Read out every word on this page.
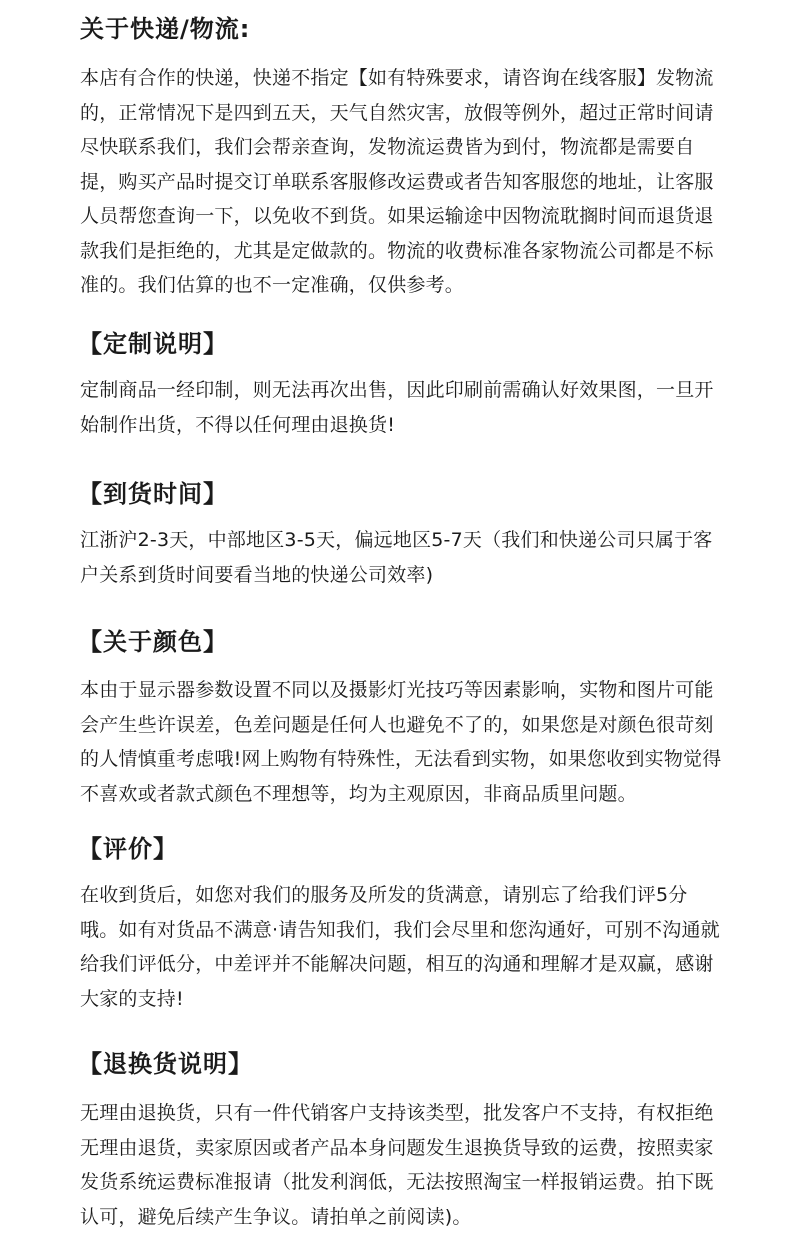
关于快递/物流:

本店有合作的快递，快递不指定【如有特殊要求，请咨询在线客服】发物流
的，正常情况下是四到五天，天气自然灾害，放假等例外，超过正常时间请
尽快联系我们，我们会帮亲查询，发物流运费皆为到付，物流都是需要自
提，购买产品时提交订单联系客服修改运费或者告知客服您的地址，让客服
人员帮您查询一下，以免收不到货。如果运输途中因物流耽搁时间而退货退
款我们是拒绝的，尤其是定做款的。物流的收费标准各家物流公司都是不标
准的。我们估算的也不一定准确，仅供参考。

【定制说明】

定制商品一经印制，则无法再次出售，因此印刷前需确认好效果图，一旦开
始制作出货，不得以任何理由退换货!

【到货时间】

江浙沪2-3天，中部地区3-5天，偏远地区5-7天（我们和快递公司只属于客
户关系到货时间要看当地的快递公司效率)

【关于颜色】

本由于显示器参数设置不同以及摄影灯光技巧等因素影响，实物和图片可能
会产生些许误差，色差问题是任何人也避免不了的，如果您是对颜色很苛刻
的人情慎重考虑哦!网上购物有特殊性，无法看到实物，如果您收到实物觉得
不喜欢或者款式颜色不理想等，均为主观原因，非商品质里问题。

【评价】

在收到货后，如您对我们的服务及所发的货满意，请别忘了给我们评5分
哦。如有对货品不满意·请告知我们，我们会尽里和您沟通好，可别不沟通就
给我们评低分，中差评并不能解决问题，相互的沟通和理解才是双赢，感谢
大家的支持!

【退换货说明】

无理由退换货，只有一件代销客户支持该类型，批发客户不支持，有权拒绝
无理由退货，卖家原因或者产品本身问题发生退换货导致的运费，按照卖家
发货系统运费标准报请（批发利润低，无法按照淘宝一样报销运费。拍下既
认可，避免后续产生争议。请拍单之前阅读)。
